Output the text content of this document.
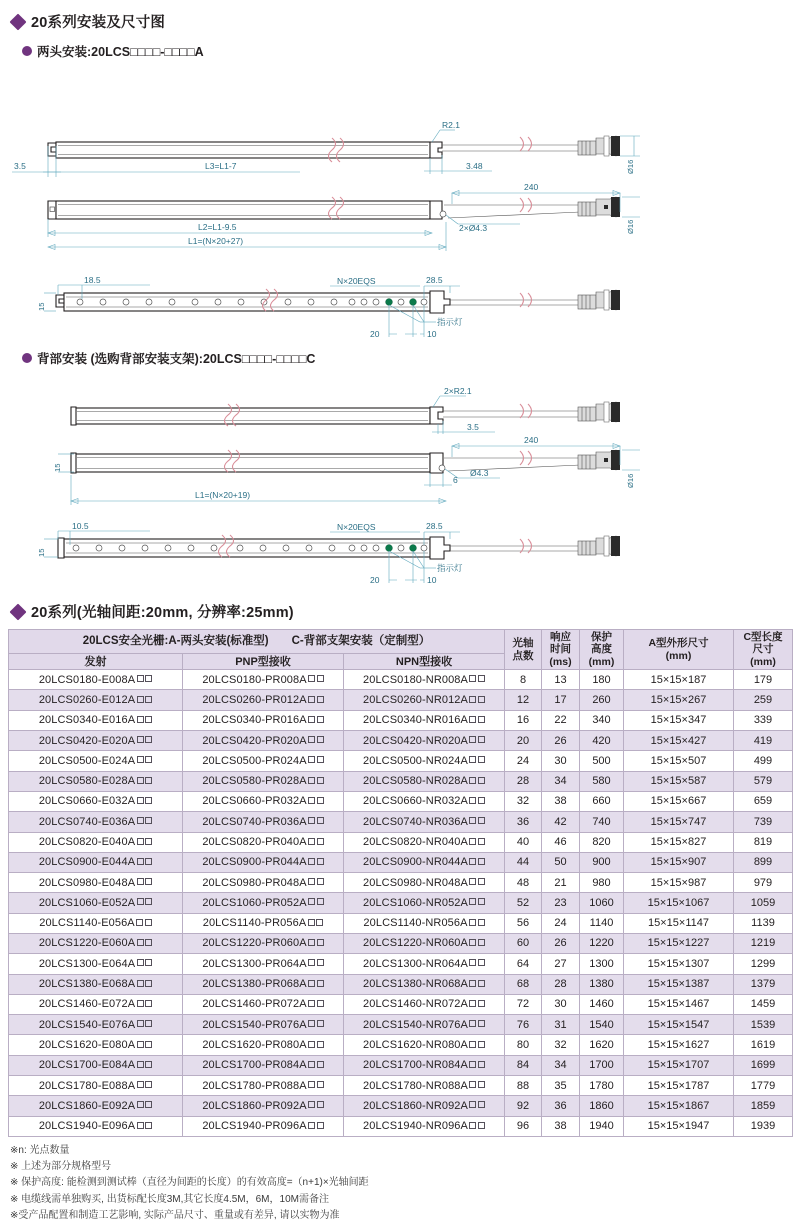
20系列安装及尺寸图
两头安装:20LCS□□□□-□□□□A
R2.1
3.5	L3=L1-7	3.48	Ø16
240
2×Ø4.3	Ø16
L2=L1-9.5
L1=(N×20+27)
18.5
15
N×20EQS	28.5
指示灯
20	10
背部安装 (选购背部安装支架):20LCS□□□□-□□□□C
2×R2.1
3.5
15
240
Ø16
Ø4.3
6
L1=(N×20+19)
10.5
15
N×20EQS	28.5
指示灯
20	10
20系列(光轴间距:20mm, 分辨率:25mm)
20LCS安全光栅:A-两头安装(标准型)　　C-背部支架安装（定制型）	光轴
点数

响应
时间
(ms)

保护
高度
(mm)

A型外形尺寸
(mm)

C型长度
尺寸
(mm)

发射	PNP型接收	NPN型接收					
20LCS0180-E008A	20LCS0180-PR008A	20LCS0180-NR008A	8	13	180	15×15×187	179
20LCS0260-E012A	20LCS0260-PR012A	20LCS0260-NR012A	12	17	260	15×15×267	259
20LCS0340-E016A	20LCS0340-PR016A	20LCS0340-NR016A	16	22	340	15×15×347	339
20LCS0420-E020A	20LCS0420-PR020A	20LCS0420-NR020A	20	26	420	15×15×427	419
20LCS0500-E024A	20LCS0500-PR024A	20LCS0500-NR024A	24	30	500	15×15×507	499
20LCS0580-E028A	20LCS0580-PR028A	20LCS0580-NR028A	28	34	580	15×15×587	579
20LCS0660-E032A	20LCS0660-PR032A	20LCS0660-NR032A	32	38	660	15×15×667	659
20LCS0740-E036A	20LCS0740-PR036A	20LCS0740-NR036A	36	42	740	15×15×747	739
20LCS0820-E040A	20LCS0820-PR040A	20LCS0820-NR040A	40	46	820	15×15×827	819
20LCS0900-E044A	20LCS0900-PR044A	20LCS0900-NR044A	44	50	900	15×15×907	899
20LCS0980-E048A	20LCS0980-PR048A	20LCS0980-NR048A	48	21	980	15×15×987	979
20LCS1060-E052A	20LCS1060-PR052A	20LCS1060-NR052A	52	23	1060	15×15×1067	1059
20LCS1140-E056A	20LCS1140-PR056A	20LCS1140-NR056A	56	24	1140	15×15×1147	1139
20LCS1220-E060A	20LCS1220-PR060A	20LCS1220-NR060A	60	26	1220	15×15×1227	1219
20LCS1300-E064A	20LCS1300-PR064A	20LCS1300-NR064A	64	27	1300	15×15×1307	1299
20LCS1380-E068A	20LCS1380-PR068A	20LCS1380-NR068A	68	28	1380	15×15×1387	1379
20LCS1460-E072A	20LCS1460-PR072A	20LCS1460-NR072A	72	30	1460	15×15×1467	1459
20LCS1540-E076A	20LCS1540-PR076A	20LCS1540-NR076A	76	31	1540	15×15×1547	1539
20LCS1620-E080A	20LCS1620-PR080A	20LCS1620-NR080A	80	32	1620	15×15×1627	1619
20LCS1700-E084A	20LCS1700-PR084A	20LCS1700-NR084A	84	34	1700	15×15×1707	1699
20LCS1780-E088A	20LCS1780-PR088A	20LCS1780-NR088A	88	35	1780	15×15×1787	1779
20LCS1860-E092A	20LCS1860-PR092A	20LCS1860-NR092A	92	36	1860	15×15×1867	1859
20LCS1940-E096A	20LCS1940-PR096A	20LCS1940-NR096A	96	38	1940	15×15×1947	1939
※n: 光点数量
※ 上述为部分规格型号
※ 保护高度: 能检测到测试棒（直径为间距的长度）的有效高度=（n+1)×光轴间距
※ 电缆线需单独购买, 出货标配长度3M,其它长度4.5M，6M，10M需备注
※受产品配置和制造工艺影响, 实际产品尺寸、重量或有差异, 请以实物为准
